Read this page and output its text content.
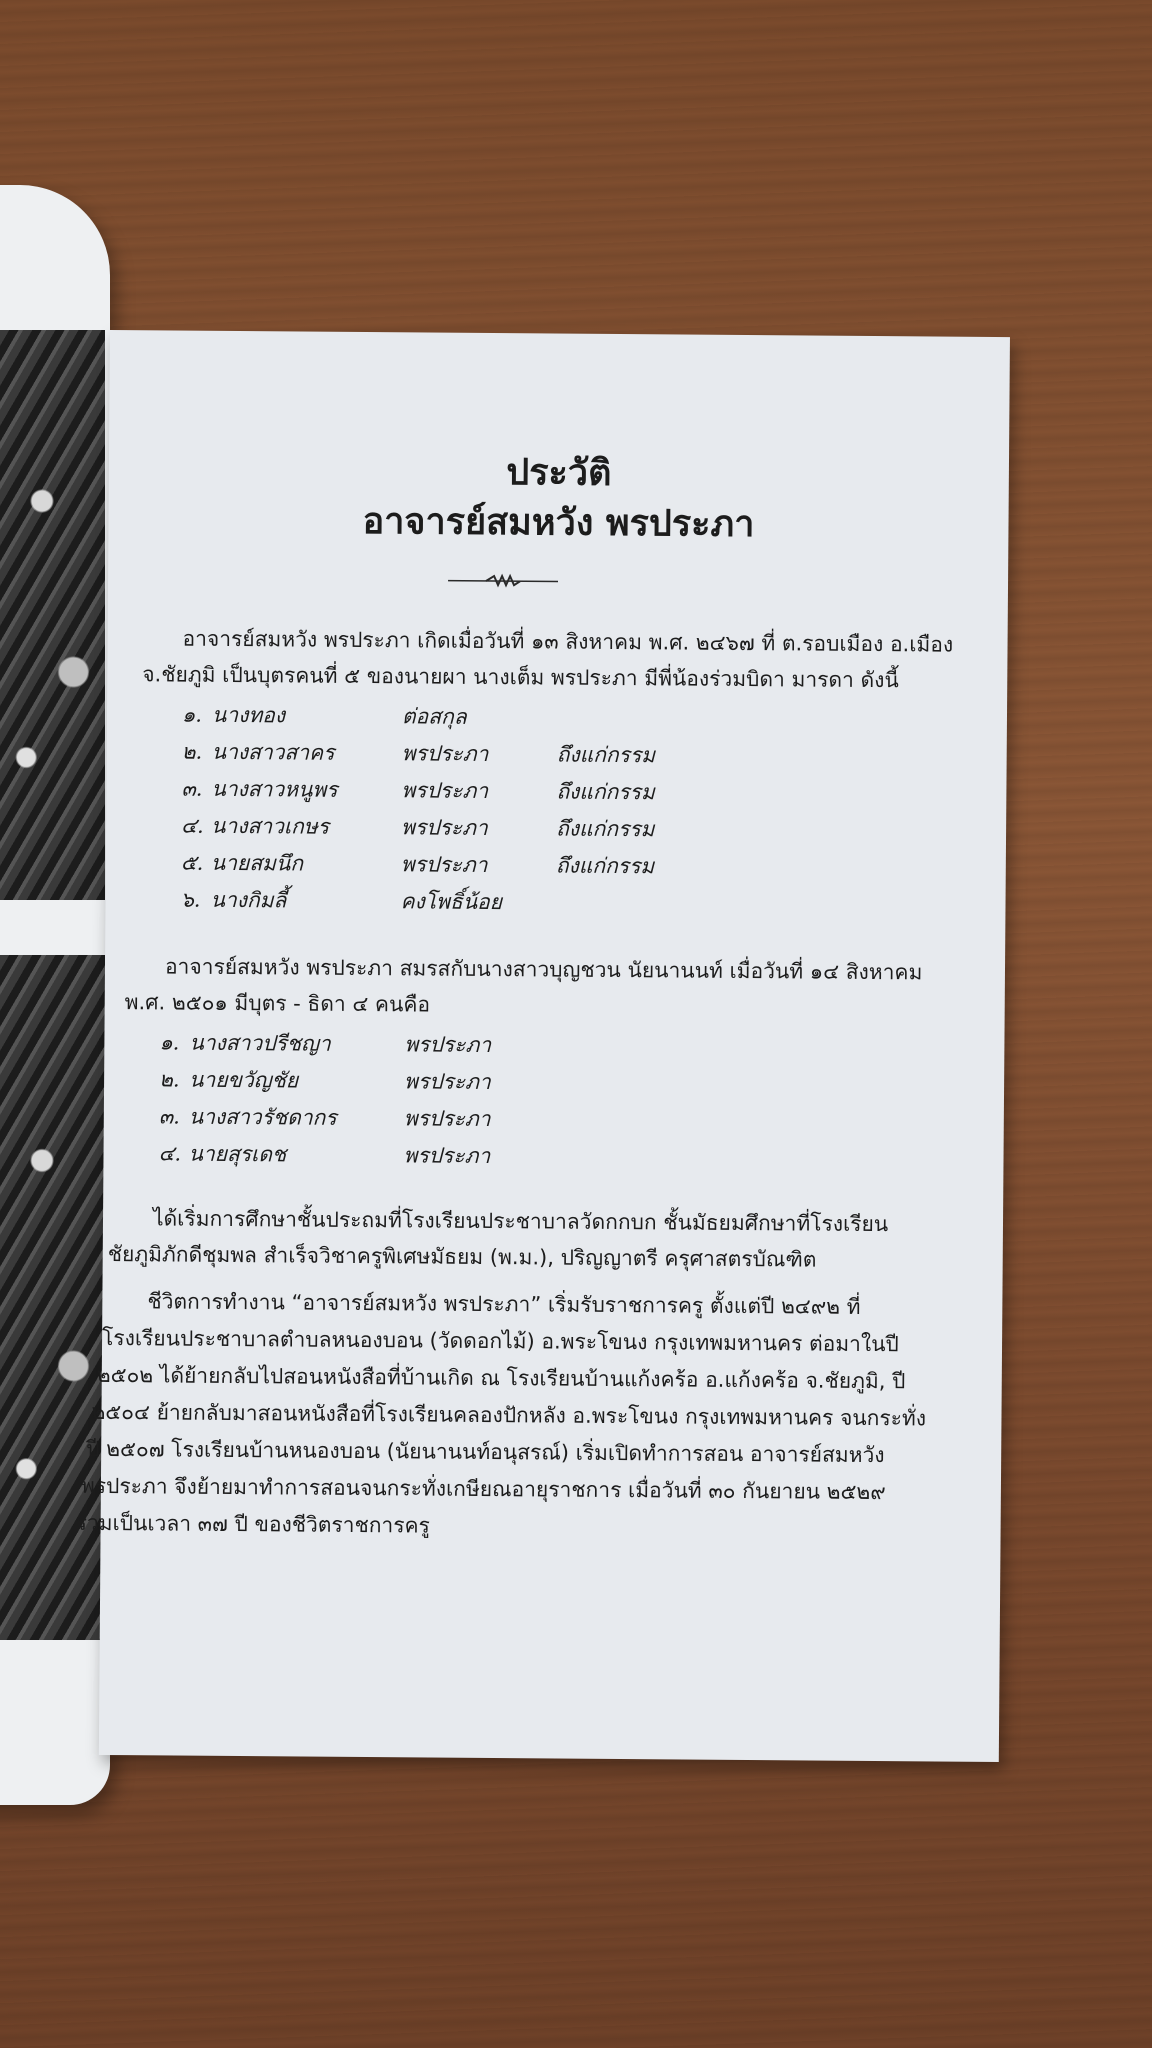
ประวัติ
อาจารย์สมหวัง พรประภา
อาจารย์สมหวัง พรประภา เกิดเมื่อวันที่ ๑๓ สิงหาคม พ.ศ. ๒๔๖๗ ที่ ต.รอบเมือง อ.เมือง
จ.ชัยภูมิ เป็นบุตรคนที่ ๕ ของนายผา นางเต็ม พรประภา มีพี่น้องร่วมบิดา มารดา ดังนี้
๑. นางทอง	ต่อสกุล
๒. นางสาวสาคร	พรประภา	ถึงแก่กรรม
๓. นางสาวหนูพร	พรประภา	ถึงแก่กรรม
๔. นางสาวเกษร	พรประภา	ถึงแก่กรรม
๕. นายสมนึก	พรประภา	ถึงแก่กรรม
๖. นางกิมลี้	คงโพธิ์น้อย
อาจารย์สมหวัง พรประภา สมรสกับนางสาวบุญชวน นัยนานนท์ เมื่อวันที่ ๑๔ สิงหาคม
พ.ศ. ๒๕๐๑ มีบุตร - ธิดา ๔ คนคือ
๑. นางสาวปรีชญา	พรประภา
๒. นายขวัญชัย	พรประภา
๓. นางสาวรัชดากร	พรประภา
๔. นายสุรเดช	พรประภา
ได้เริ่มการศึกษาชั้นประถมที่โรงเรียนประชาบาลวัดกกบก ชั้นมัธยมศึกษาที่โรงเรียน
ชัยภูมิภักดีชุมพล สำเร็จวิชาครูพิเศษมัธยม (พ.ม.), ปริญญาตรี ครุศาสตรบัณฑิต
ชีวิตการทำงาน “อาจารย์สมหวัง พรประภา” เริ่มรับราชการครู ตั้งแต่ปี ๒๔๙๒ ที่
โรงเรียนประชาบาลตำบลหนองบอน (วัดดอกไม้) อ.พระโขนง กรุงเทพมหานคร ต่อมาในปี
๒๕๐๒ ได้ย้ายกลับไปสอนหนังสือที่บ้านเกิด ณ โรงเรียนบ้านแก้งคร้อ อ.แก้งคร้อ จ.ชัยภูมิ, ปี
๒๕๐๔ ย้ายกลับมาสอนหนังสือที่โรงเรียนคลองปักหลัง อ.พระโขนง กรุงเทพมหานคร จนกระทั่ง
ปี ๒๕๐๗ โรงเรียนบ้านหนองบอน (นัยนานนท์อนุสรณ์) เริ่มเปิดทำการสอน อาจารย์สมหวัง
พรประภา จึงย้ายมาทำการสอนจนกระทั่งเกษียณอายุราชการ เมื่อวันที่ ๓๐ กันยายน ๒๕๒๙
รวมเป็นเวลา ๓๗ ปี ของชีวิตราชการครู
